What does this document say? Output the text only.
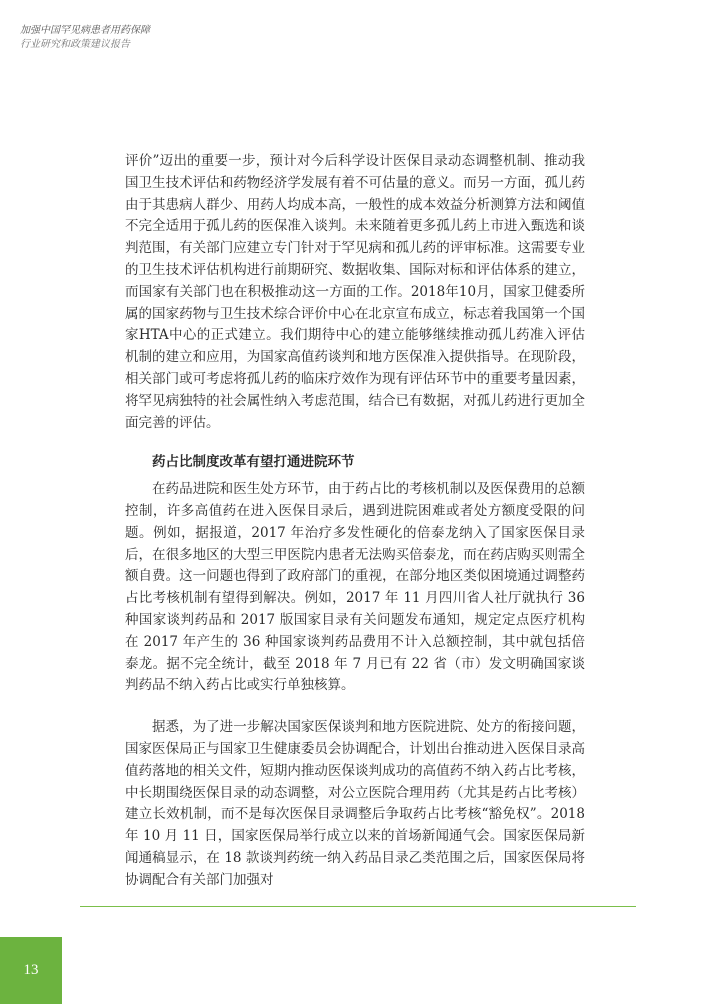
加强中国罕见病患者用药保障
行业研究和政策建议报告

评价”迈出的重要一步，预计对今后科学设计医保目录动态调整机制、推动我国卫生技术评估和药物经济学发展有着不可估量的意义。而另一方面，孤儿药由于其患病人群少、用药人均成本高，一般性的成本效益分析测算方法和阈值不完全适用于孤儿药的医保准入谈判。未来随着更多孤儿药上市进入甄选和谈判范围，有关部门应建立专门针对于罕见病和孤儿药的评审标准。这需要专业的卫生技术评估机构进行前期研究、数据收集、国际对标和评估体系的建立，而国家有关部门也在积极推动这一方面的工作。2018年10月，国家卫健委所属的国家药物与卫生技术综合评价中心在北京宣布成立，标志着我国第一个国家HTA中心的正式建立。我们期待中心的建立能够继续推动孤儿药准入评估机制的建立和应用，为国家高值药谈判和地方医保准入提供指导。在现阶段，相关部门或可考虑将孤儿药的临床疗效作为现有评估环节中的重要考量因素，将罕见病独特的社会属性纳入考虑范围，结合已有数据，对孤儿药进行更加全面完善的评估。

药占比制度改革有望打通进院环节

在药品进院和医生处方环节，由于药占比的考核机制以及医保费用的总额控制，许多高值药在进入医保目录后，遇到进院困难或者处方额度受限的问题。例如，据报道，2017 年治疗多发性硬化的倍泰龙纳入了国家医保目录后，在很多地区的大型三甲医院内患者无法购买倍泰龙，而在药店购买则需全额自费。这一问题也得到了政府部门的重视，在部分地区类似困境通过调整药占比考核机制有望得到解决。例如，2017 年 11 月四川省人社厅就执行 36 种国家谈判药品和 2017 版国家目录有关问题发布通知，规定定点医疗机构在 2017 年产生的 36 种国家谈判药品费用不计入总额控制，其中就包括倍泰龙。据不完全统计，截至 2018 年 7 月已有 22 省（市）发文明确国家谈判药品不纳入药占比或实行单独核算。

据悉，为了进一步解决国家医保谈判和地方医院进院、处方的衔接问题，国家医保局正与国家卫生健康委员会协调配合，计划出台推动进入医保目录高值药落地的相关文件，短期内推动医保谈判成功的高值药不纳入药占比考核，中长期围绕医保目录的动态调整，对公立医院合理用药（尤其是药占比考核）建立长效机制，而不是每次医保目录调整后争取药占比考核“豁免权”。2018 年 10 月 11 日，国家医保局举行成立以来的首场新闻通气会。国家医保局新闻通稿显示，在 18 款谈判药统一纳入药品目录乙类范围之后，国家医保局将协调配合有关部门加强对

13
